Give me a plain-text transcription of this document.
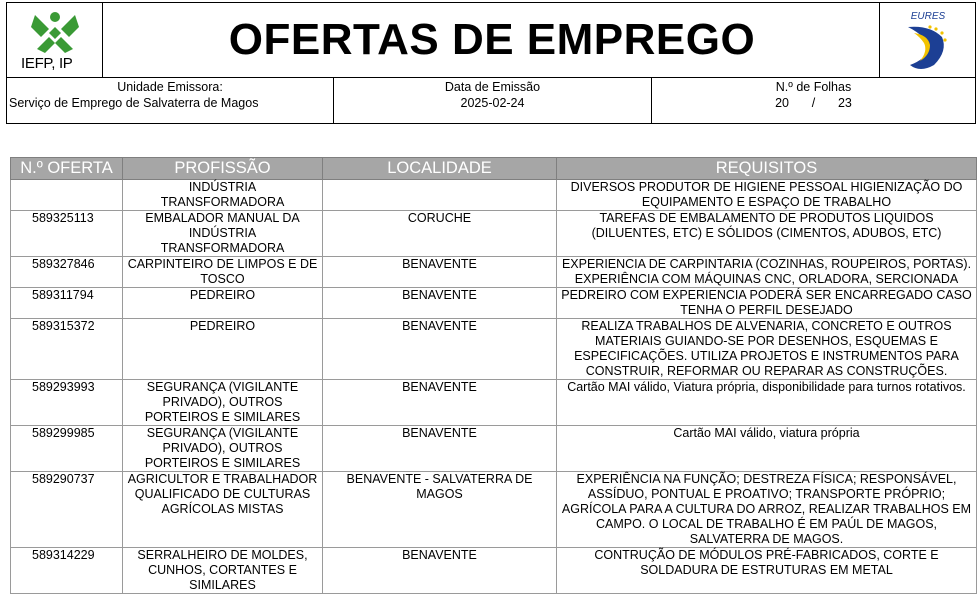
IEFP, IP	OFERTAS DE EMPREGO	EURES
Unidade Emissora:
Serviço de Emprego de Salvaterra de Magos
Data de Emissão
2025-02-24
N.º de Folhas
20 / 23
N.º OFERTA	PROFISSÃO	LOCALIDADE	REQUISITOS
	INDÚSTRIA TRANSFORMADORA		DIVERSOS PRODUTOR DE HIGIENE PESSOAL HIGIENIZAÇÃO DO EQUIPAMENTO E ESPAÇO DE TRABALHO
589325113	EMBALADOR MANUAL DA INDÚSTRIA TRANSFORMADORA	CORUCHE	TAREFAS DE EMBALAMENTO DE PRODUTOS LIQUIDOS (DILUENTES, ETC) E SÓLIDOS (CIMENTOS, ADUBOS, ETC)
589327846	CARPINTEIRO DE LIMPOS E DE TOSCO	BENAVENTE	EXPERIENCIA DE CARPINTARIA (COZINHAS, ROUPEIROS, PORTAS). EXPERIÊNCIA COM MÁQUINAS CNC, ORLADORA, SERCIONADA
589311794	PEDREIRO	BENAVENTE	PEDREIRO COM EXPERIENCIA PODERÁ SER ENCARREGADO CASO TENHA O PERFIL DESEJADO
589315372	PEDREIRO	BENAVENTE	REALIZA TRABALHOS DE ALVENARIA, CONCRETO E OUTROS MATERIAIS GUIANDO-SE POR DESENHOS, ESQUEMAS E ESPECIFICAÇÕES. UTILIZA PROJETOS E INSTRUMENTOS PARA CONSTRUIR, REFORMAR OU REPARAR AS CONSTRUÇÕES.
589293993	SEGURANÇA (VIGILANTE PRIVADO), OUTROS PORTEIROS E SIMILARES	BENAVENTE	Cartão MAI válido, Viatura própria, disponibilidade para turnos rotativos.
589299985	SEGURANÇA (VIGILANTE PRIVADO), OUTROS PORTEIROS E SIMILARES	BENAVENTE	Cartão MAI válido, viatura própria
589290737	AGRICULTOR E TRABALHADOR QUALIFICADO DE CULTURAS AGRÍCOLAS MISTAS	BENAVENTE - SALVATERRA DE MAGOS	EXPERIÊNCIA NA FUNÇÃO; DESTREZA FÍSICA; RESPONSÁVEL, ASSÍDUO, PONTUAL E PROATIVO; TRANSPORTE PRÓPRIO; AGRÍCOLA PARA A CULTURA DO ARROZ, REALIZAR TRABALHOS EM CAMPO. O LOCAL DE TRABALHO É EM PAÚL DE MAGOS, SALVATERRA DE MAGOS.
589314229	SERRALHEIRO DE MOLDES, CUNHOS, CORTANTES E SIMILARES	BENAVENTE	CONTRUÇÃO DE MÓDULOS PRÉ-FABRICADOS, CORTE E SOLDADURA DE ESTRUTURAS EM METAL
